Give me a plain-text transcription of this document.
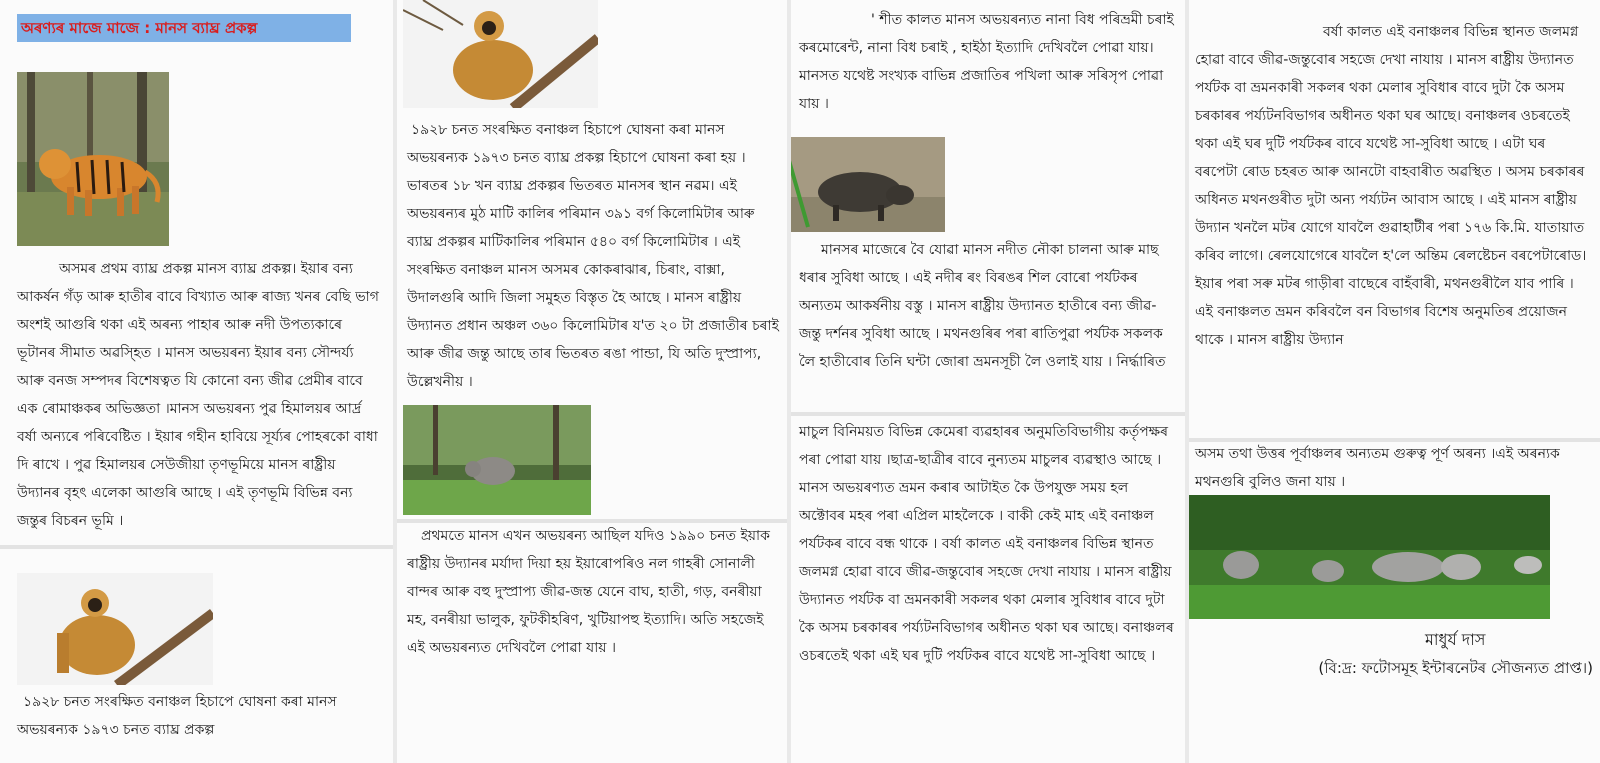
অৰণ্যৰ মাজে মাজে : মানস ব্যাঘ্ৰ প্ৰকল্প

অসমৰ প্ৰথম ব্যাঘ্ৰ প্ৰকল্প মানস ব্যাঘ্ৰ প্ৰকল্প। ইয়াৰ বন্য আকৰ্ষন গঁড় আৰু হাতীৰ বাবে বিখ্যাত আৰু ৰাজ্য খনৰ বেছি ভাগ অংশই আগুৰি থকা এই অৰন্য পাহাৰ আৰু নদী উপত্যকাৰে ভূটানৰ সীমাত অৱস্হিত । মানস অভয়ৰন্য ইয়াৰ বন্য সৌন্দৰ্য্য আৰু বনজ সম্পদৰ বিশেষত্বত যি কোনো বন্য জীৱ প্ৰেমীৰ বাবে এক ৰোমাঞ্চকৰ অভিজ্ঞতা ।মানস অভয়ৰন্য পুৱ হিমালয়ৰ আৰ্দ্ৰ বৰ্ষা অন্যৰে পৰিবেষ্টিত । ইয়াৰ গহীন হাবিয়ে সূৰ্য্যৰ পোহৰকো বাধা দি ৰাখে । পুৱ হিমালয়ৰ সেউজীয়া তৃণভূমিয়ে মানস ৰাষ্ট্ৰীয় উদ্যানৰ বৃহৎ এলেকা আগুৰি আছে । এই তৃণভূমি বিভিন্ন বন্য জন্তুৰ বিচৰন ভূমি ।

১৯২৮ চনত সংৰক্ষিত বনাঞ্চল হিচাপে ঘোষনা কৰা মানস অভয়ৰন্যক ১৯৭৩ চনত ব্যাঘ্ৰ প্ৰকল্প

১৯২৮ চনত সংৰক্ষিত বনাঞ্চল হিচাপে ঘোষনা কৰা মানস অভয়ৰন্যক ১৯৭৩ চনত ব্যাঘ্ৰ প্ৰকল্প হিচাপে ঘোষনা কৰা হয় । ভাৰতৰ ১৮ খন ব্যাঘ্ৰ প্ৰকল্পৰ ভিতৰত মানসৰ স্থান নৱম। এই অভয়ৰন্যৰ মুঠ মাটি কালিৰ পৰিমান ৩৯১ বৰ্গ কিলোমিটাৰ আৰু ব্যাঘ্ৰ প্ৰকল্পৰ মাটিকালিৰ পৰিমান ৫৪০ বৰ্গ কিলোমিটাৰ । এই সংৰক্ষিত বনাঞ্চল মানস অসমৰ কোকৰাঝাৰ, চিৰাং, বাক্সা, উদালগুৰি আদি জিলা সমুহত বিস্তৃত হৈ আছে । মানস ৰাষ্ট্ৰীয় উদ্যানত প্ৰধান অঞ্চল ৩৬০ কিলোমিটাৰ য'ত ২০ টা প্ৰজাতীৰ চৰাই আৰু জীৱ জন্তু আছে তাৰ ভিতৰত ৰঙা পান্ডা, যি অতি দুস্প্ৰাপ্য, উল্লেখনীয় ।

প্ৰথমতে মানস এখন অভয়ৰন্য আছিল যদিও ১৯৯০ চনত ইয়াক ৰাষ্ট্ৰীয় উদ্যানৰ মৰ্যাদা দিয়া হয় ইয়াৰোপৰিও নল গাহৰী সোনালী বান্দৰ আৰু বহু দুস্প্ৰাপ্য জীৱ-জন্ত যেনে বাঘ, হাতী, গড়, বনৰীয়া মহ, বনৰীয়া ভালুক, ফুটকীহৰিণ, খুটিয়াপহু ইত্যাদি। অতি সহজেই এই অভয়ৰন্যত দেখিবলৈ পোৱা যায় ।

' শীত কালত মানস অভয়ৰন্যত নানা বিধ পৰিভ্ৰমী চৰাই কৰমোৰেন্ট, নানা বিধ চৰাই , হাইঠা ইত্যাদি দেখিবলৈ পোৱা যায়। মানসত যথেষ্ট সংখ্যক বাভিন্ন প্ৰজাতিৰ পখিলা আৰু সৰিসৃপ পোৱা যায় ।

মানসৰ মাজেৰে বৈ যোৱা মানস নদীত নৌকা চালনা আৰু মাছ ধৰাৰ সুবিধা আছে । এই নদীৰ ৰং বিৰঙৰ শিল বোৰো পৰ্যটকৰ অন্যতম আকৰ্ষনীয় বস্তু । মানস ৰাষ্ট্ৰীয় উদ্যানত হাতীৰে বন্য জীৱ-জন্তু দৰ্শনৰ সুবিধা আছে । মথনগুৰিৰ পৰা ৰাতিপুৱা পৰ্যটক সকলক লৈ হাতীবোৰ তিনি ঘন্টা জোৰা ভ্ৰমনসূচী লৈ ওলাই যায় । নিৰ্দ্ধাৰিত

মাচুল বিনিময়ত বিভিন্ন কেমেৰা ব্যৱহাৰৰ অনুমতিবিভাগীয় কৰ্তৃপক্ষৰ পৰা পোৱা যায় ।ছাত্ৰ-ছাত্ৰীৰ বাবে নুন্যতম মাচুলৰ ব্যৱস্থাও আছে । মানস অভয়ৰণ্যত ভ্ৰমন কৰাৰ আটাইত কৈ উপযুক্ত সময় হল অক্টোবৰ মহৰ পৰা এপ্ৰিল মাহলৈকে । বাকী কেই মাহ এই বনাঞ্চল পৰ্যটকৰ বাবে বন্ধ থাকে । বৰ্ষা কালত এই বনাঞ্চলৰ বিভিন্ন স্থানত জলমগ্ন হোৱা বাবে জীৱ-জন্তুবোৰ সহজে দেখা নাযায় । মানস ৰাষ্ট্ৰীয় উদ্যানত পৰ্যটক বা ভ্ৰমনকাৰী সকলৰ থকা মেলাৰ সুবিধাৰ বাবে দুটা কৈ অসম চৰকাৰৰ পৰ্য্যটনবিভাগৰ অধীনত থকা ঘৰ আছে। বনাঞ্চলৰ ওচৰতেই থকা এই ঘৰ দুটি পৰ্যটকৰ বাবে যথেষ্ট সা-সুবিধা আছে ।

বৰ্ষা কালত এই বনাঞ্চলৰ বিভিন্ন স্থানত জলমগ্ন হোৱা বাবে জীৱ-জন্তুবোৰ সহজে দেখা নাযায় । মানস ৰাষ্ট্ৰীয় উদ্যানত পৰ্যটক বা ভ্ৰমনকাৰী সকলৰ থকা মেলাৰ সুবিধাৰ বাবে দুটা কৈ অসম চৰকাৰৰ পৰ্য্যটনবিভাগৰ অধীনত থকা ঘৰ আছে। বনাঞ্চলৰ ওচৰতেই থকা এই ঘৰ দুটি পৰ্যটকৰ বাবে যথেষ্ট সা-সুবিধা আছে । এটা ঘৰ বৰপেটা ৰোড চহৰত আৰু আনটো বাহবাৰীত অৱস্থিত । অসম চৰকাৰৰ অধিনত মথনগুৰীত দুটা অন্য পৰ্য্যটন আবাস আছে । এই মানস ৰাষ্ট্ৰীয় উদ্যান খনলৈ মটৰ যোগে যাবলৈ গুৱাহাটীৰ পৰা ১৭৬ কি.মি. যাতায়াত কৰিব লাগে। ৰেলযোগেৰে যাবলৈ হ'লে অন্তিম ৰেলষ্টেচন বৰপেটাৰোড। ইয়াৰ পৰা সৰু মটৰ গাড়ীৰা বাছেৰে বাহঁবাৰী, মথনগুৰীলৈ যাব পাৰি । এই বনাঞ্চলত ভ্ৰমন কৰিবলৈ বন বিভাগৰ বিশেষ অনুমতিৰ প্ৰয়োজন থাকে । মানস ৰাষ্ট্ৰীয় উদ্যান

অসম তথা উত্তৰ পূৰ্বাঞ্চলৰ অন্যতম গুৰুত্ব পূৰ্ণ অৰন্য ।এই অৰন্যক মথনগুৰি বুলিও জনা যায় ।

মাধুৰ্য দাস
(বি:দ্ৰ: ফটোসমূহ ইন্টাৰনেটৰ সৌজন্যত প্ৰাপ্ত।)
